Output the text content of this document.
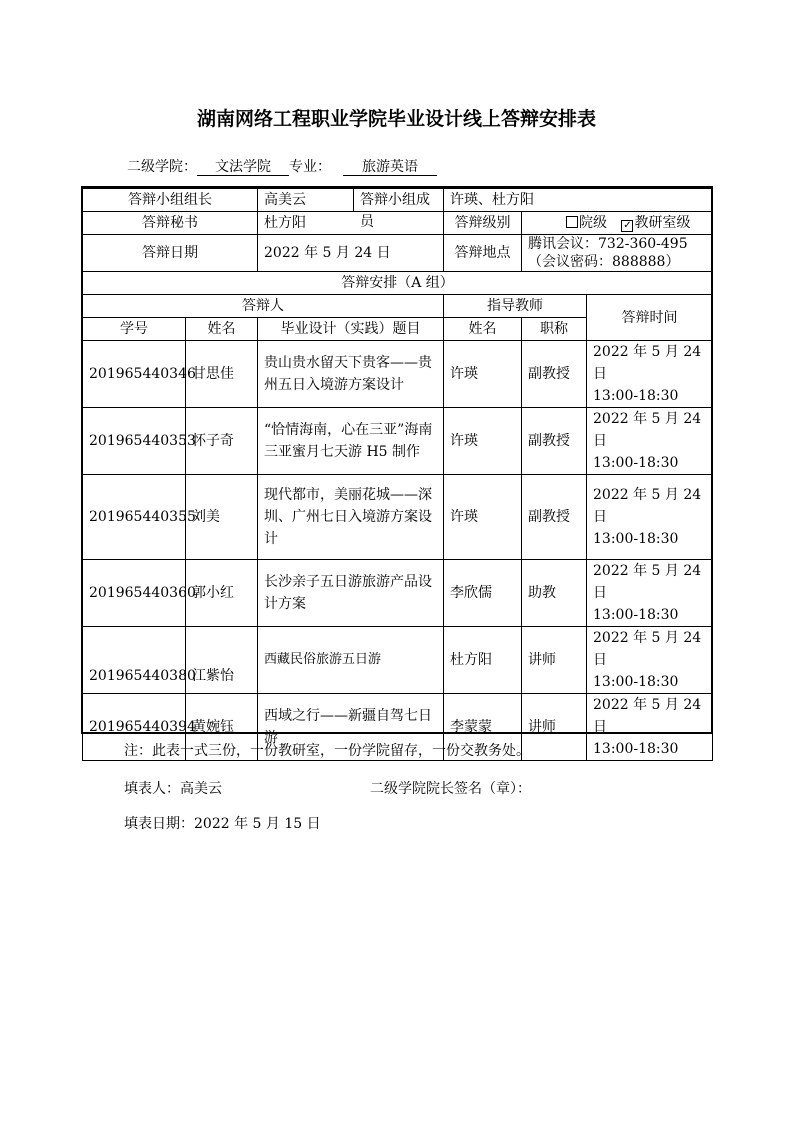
湖南网络工程职业学院毕业设计线上答辩安排表
二级学院： 文法学院 专业： 旅游英语
答辩小组组长		高美云 答辩小组成员	许瑛、杜方阳		
答辩秘书		杜方阳	答辩级别	院级 ✓ 教研室级	
答辩日期		2022 年 5 月 24 日	答辩地点	腾讯会议：732-360-495（会议密码：888888）	
答辩安排（A 组）					
答辩人			指导教师		答辩时间
学号	姓名	毕业设计（实践）题目	姓名	职称	
201965440346	甘思佳	贵山贵水留天下贵客——贵州五日入境游方案设计	许瑛	副教授	2022 年 5 月 24 日
13:00-18:30

201965440353	怀子奇	“恰情海南，心在三亚”海南三亚蜜月七天游 H5 制作	许瑛	副教授	2022 年 5 月 24 日
13:00-18:30

201965440355	刘美	现代都市，美丽花城——深圳、广州七日入境游方案设计	许瑛	副教授	2022 年 5 月 24 日
13:00-18:30

201965440360	郭小红	长沙亲子五日游旅游产品设计方案	李欣儒	助教	2022 年 5 月 24 日
13:00-18:30

201965440380	江紫怡	西藏民俗旅游五日游	杜方阳	讲师	2022 年 5 月 24 日
13:00-18:30

201965440394	黄婉钰	西域之行——新疆自驾七日游	李蒙蒙	讲师	2022 年 5 月 24 日
13:00-18:30
注：此表一式三份，一份教研室，一份学院留存，一份交教务处。
填表人：高美云	二级学院院长签名（章）：
填表日期：2022 年 5 月 15 日
